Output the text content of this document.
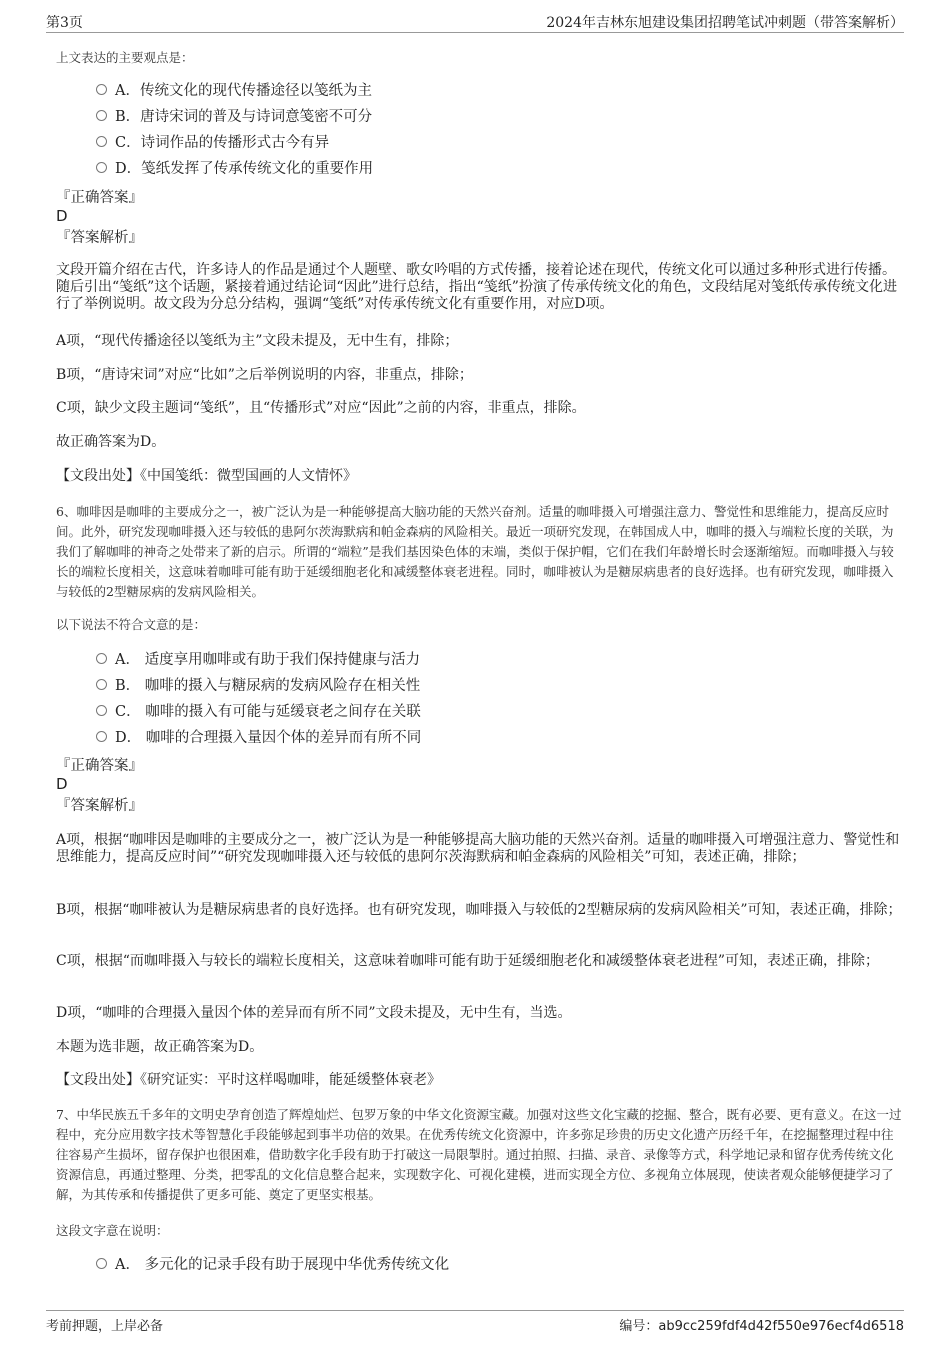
第3页	2024年吉林东旭建设集团招聘笔试冲刺题（带答案解析）
上文表达的主要观点是：
A．传统文化的现代传播途径以笺纸为主
B．唐诗宋词的普及与诗词意笺密不可分
C．诗词作品的传播形式古今有异
D．笺纸发挥了传承传统文化的重要作用
『正确答案』
D
『答案解析』
文段开篇介绍在古代，许多诗人的作品是通过个人题壁、歌女吟唱的方式传播，接着论述在现代，传统文化可以通过多种形式进行传播。随后引出“笺纸”这个话题，紧接着通过结论词“因此”进行总结，指出“笺纸”扮演了传承传统文化的角色，文段结尾对笺纸传承传统文化进行了举例说明。故文段为分总分结构，强调“笺纸”对传承传统文化有重要作用，对应D项。
A项，“现代传播途径以笺纸为主”文段未提及，无中生有，排除；
B项，“唐诗宋词”对应“比如”之后举例说明的内容，非重点，排除；
C项，缺少文段主题词“笺纸”，且“传播形式”对应“因此”之前的内容，非重点，排除。
故正确答案为D。
【文段出处】《中国笺纸：微型国画的人文情怀》
6、咖啡因是咖啡的主要成分之一，被广泛认为是一种能够提高大脑功能的天然兴奋剂。适量的咖啡摄入可增强注意力、警觉性和思维能力，提高反应时间。此外，研究发现咖啡摄入还与较低的患阿尔茨海默病和帕金森病的风险相关。最近一项研究发现，在韩国成人中，咖啡的摄入与端粒长度的关联，为我们了解咖啡的神奇之处带来了新的启示。所谓的“端粒”是我们基因染色体的末端，类似于保护帽，它们在我们年龄增长时会逐渐缩短。而咖啡摄入与较长的端粒长度相关，这意味着咖啡可能有助于延缓细胞老化和减缓整体衰老进程。同时，咖啡被认为是糖尿病患者的良好选择。也有研究发现，咖啡摄入与较低的2型糖尿病的发病风险相关。
以下说法不符合文意的是：
A． 适度享用咖啡或有助于我们保持健康与活力
B． 咖啡的摄入与糖尿病的发病风险存在相关性
C． 咖啡的摄入有可能与延缓衰老之间存在关联
D． 咖啡的合理摄入量因个体的差异而有所不同
『正确答案』
D
『答案解析』
A项，根据“咖啡因是咖啡的主要成分之一，被广泛认为是一种能够提高大脑功能的天然兴奋剂。适量的咖啡摄入可增强注意力、警觉性和思维能力，提高反应时间”“研究发现咖啡摄入还与较低的患阿尔茨海默病和帕金森病的风险相关”可知，表述正确，排除；
B项，根据“咖啡被认为是糖尿病患者的良好选择。也有研究发现，咖啡摄入与较低的2型糖尿病的发病风险相关”可知，表述正确，排除；
C项，根据“而咖啡摄入与较长的端粒长度相关，这意味着咖啡可能有助于延缓细胞老化和减缓整体衰老进程”可知，表述正确，排除；
D项，“咖啡的合理摄入量因个体的差异而有所不同”文段未提及，无中生有，当选。
本题为选非题，故正确答案为D。
【文段出处】《研究证实：平时这样喝咖啡，能延缓整体衰老》
7、中华民族五千多年的文明史孕育创造了辉煌灿烂、包罗万象的中华文化资源宝藏。加强对这些文化宝藏的挖掘、整合，既有必要、更有意义。在这一过程中，充分应用数字技术等智慧化手段能够起到事半功倍的效果。在优秀传统文化资源中，许多弥足珍贵的历史文化遗产历经千年，在挖掘整理过程中往往容易产生损坏，留存保护也很困难，借助数字化手段有助于打破这一局限掣肘。通过拍照、扫描、录音、录像等方式，科学地记录和留存优秀传统文化资源信息，再通过整理、分类，把零乱的文化信息整合起来，实现数字化、可视化建模，进而实现全方位、多视角立体展现，使读者观众能够便捷学习了解，为其传承和传播提供了更多可能、奠定了更坚实根基。
这段文字意在说明：
A． 多元化的记录手段有助于展现中华优秀传统文化
考前押题，上岸必备	编号：ab9cc259fdf4d42f550e976ecf4d6518
